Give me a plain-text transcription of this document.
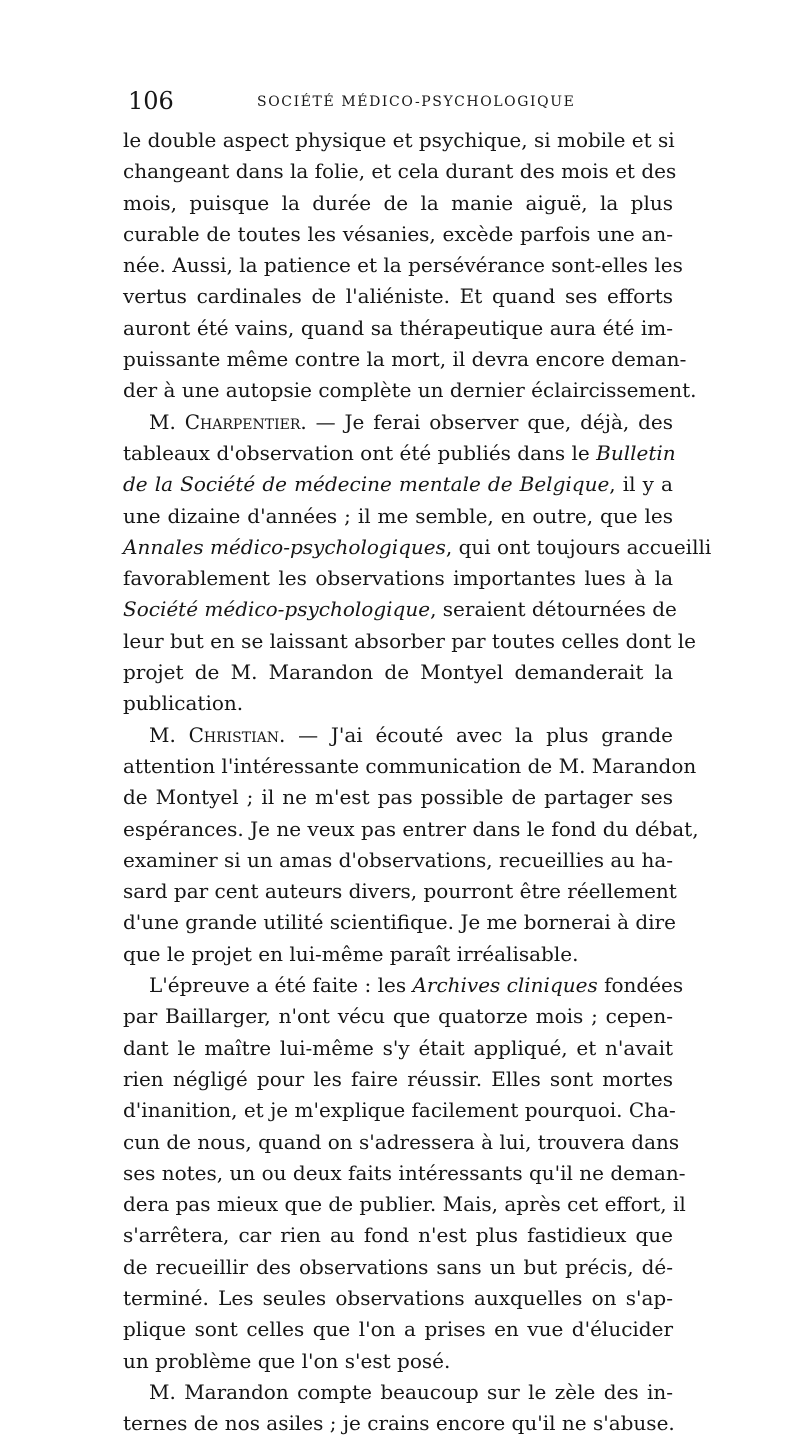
106	SOCIÉTÉ MÉDICO-PSYCHOLOGIQUE
le double aspect physique et psychique, si mobile et si
changeant dans la folie, et cela durant des mois et des
mois, puisque la durée de la manie aiguë, la plus
curable de toutes les vésanies, excède parfois une an-
née. Aussi, la patience et la persévérance sont-elles les
vertus cardinales de l'aliéniste. Et quand ses efforts
auront été vains, quand sa thérapeutique aura été im-
puissante même contre la mort, il devra encore deman-
der à une autopsie complète un dernier éclaircissement.
M. Charpentier. — Je ferai observer que, déjà, des
tableaux d'observation ont été publiés dans le Bulletin
de la Société de médecine mentale de Belgique, il y a
une dizaine d'années ; il me semble, en outre, que les
Annales médico-psychologiques, qui ont toujours accueilli
favorablement les observations importantes lues à la
Société médico-psychologique, seraient détournées de
leur but en se laissant absorber par toutes celles dont le
projet de M. Marandon de Montyel demanderait la
publication.
M. Christian. — J'ai écouté avec la plus grande
attention l'intéressante communication de M. Marandon
de Montyel ; il ne m'est pas possible de partager ses
espérances. Je ne veux pas entrer dans le fond du débat,
examiner si un amas d'observations, recueillies au ha-
sard par cent auteurs divers, pourront être réellement
d'une grande utilité scientifique. Je me bornerai à dire
que le projet en lui-même paraît irréalisable.
L'épreuve a été faite : les Archives cliniques fondées
par Baillarger, n'ont vécu que quatorze mois ; cepen-
dant le maître lui-même s'y était appliqué, et n'avait
rien négligé pour les faire réussir. Elles sont mortes
d'inanition, et je m'explique facilement pourquoi. Cha-
cun de nous, quand on s'adressera à lui, trouvera dans
ses notes, un ou deux faits intéressants qu'il ne deman-
dera pas mieux que de publier. Mais, après cet effort, il
s'arrêtera, car rien au fond n'est plus fastidieux que
de recueillir des observations sans un but précis, dé-
terminé. Les seules observations auxquelles on s'ap-
plique sont celles que l'on a prises en vue d'élucider
un problème que l'on s'est posé.
M. Marandon compte beaucoup sur le zèle des in-
ternes de nos asiles ; je crains encore qu'il ne s'abuse.
